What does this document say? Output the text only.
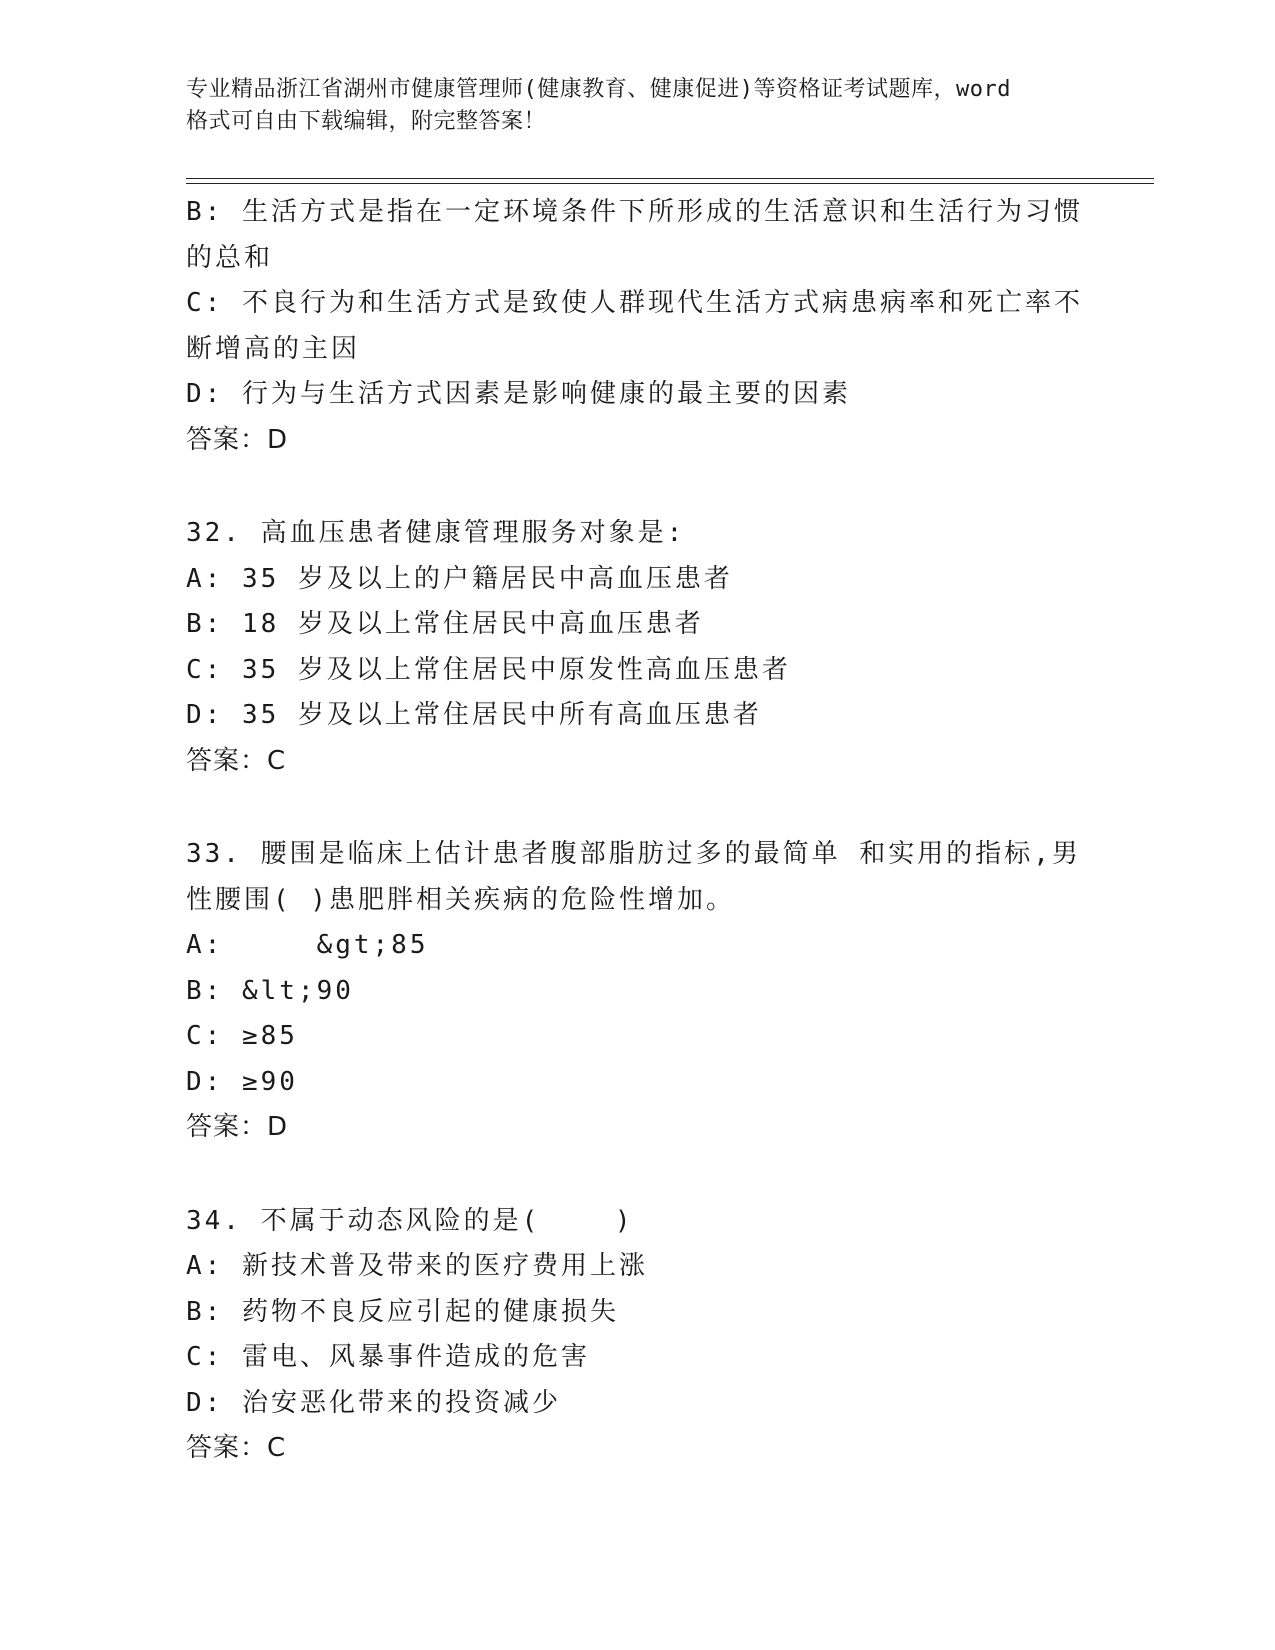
专业精品浙江省湖州市健康管理师(健康教育、健康促进)等资格证考试题库，word
格式可自由下载编辑，附完整答案！
B: 生活方式是指在一定环境条件下所形成的生活意识和生活行为习惯
的总和
C: 不良行为和生活方式是致使人群现代生活方式病患病率和死亡率不
断增高的主因
D: 行为与生活方式因素是影响健康的最主要的因素
答案：D
32. 高血压患者健康管理服务对象是:
A: 35 岁及以上的户籍居民中高血压患者
B: 18 岁及以上常住居民中高血压患者
C: 35 岁及以上常住居民中原发性高血压患者
D: 35 岁及以上常住居民中所有高血压患者
答案：C
33. 腰围是临床上估计患者腹部脂肪过多的最简单 和实用的指标,男
性腰围( )患肥胖相关疾病的危险性增加。
A:     &gt;85
B: &lt;90
C: ≥85
D: ≥90
答案：D
34. 不属于动态风险的是(    )
A: 新技术普及带来的医疗费用上涨
B: 药物不良反应引起的健康损失
C: 雷电、风暴事件造成的危害
D: 治安恶化带来的投资减少
答案：C
